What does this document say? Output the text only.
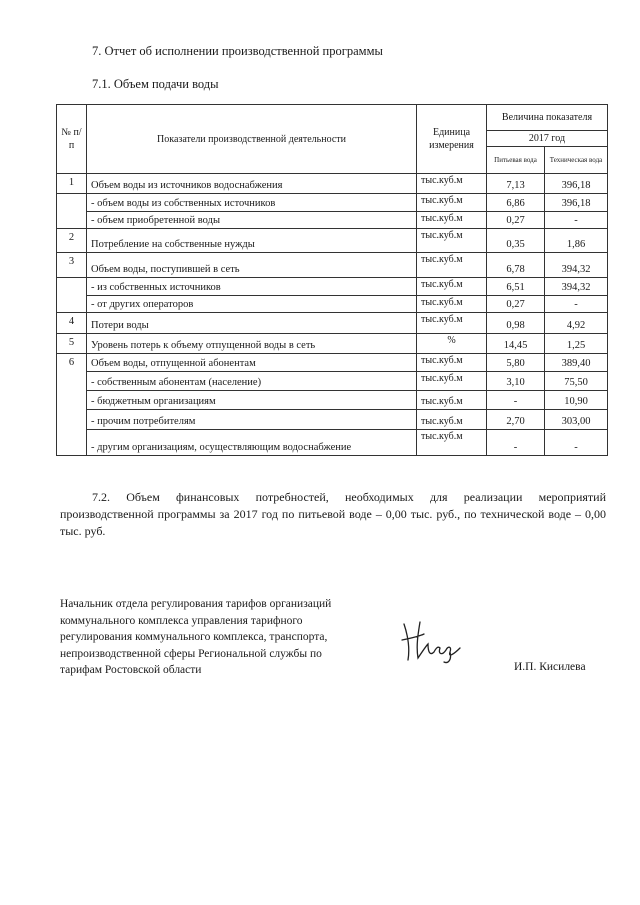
7. Отчет об исполнении производственной программы
7.1. Объем подачи воды
№ п/п	Показатели производственной деятельности	Единица измерения	Величина показателя	
			2017 год	
			Питьевая вода	Техническая вода
1	Объем воды из источников водоснабжения	тыс.куб.м	7,13	396,18
	- объем воды из собственных источников	тыс.куб.м	6,86	396,18
	- объем приобретенной воды	тыс.куб.м	0,27	-
2	Потребление на собственные нужды	тыс.куб.м	0,35	1,86
3	Объем воды, поступившей в сеть	тыс.куб.м	6,78	394,32
	- из собственных источников	тыс.куб.м	6,51	394,32
	- от других операторов	тыс.куб.м	0,27	-
4	Потери воды	тыс.куб.м	0,98	4,92
5	Уровень потерь к объему отпущенной воды в сеть	%	14,45	1,25
6	Объем воды, отпущенной абонентам	тыс.куб.м	5,80	389,40
	- собственным абонентам (население)	тыс.куб.м	3,10	75,50
	- бюджетным организациям	тыс.куб.м	-	10,90
	- прочим потребителям	тыс.куб.м	2,70	303,00
	- другим организациям, осуществляющим водоснабжение	тыс.куб.м	-	-
7.2. Объем финансовых потребностей, необходимых для реализации мероприятий производственной программы за 2017 год по питьевой воде – 0,00 тыс. руб., по технической воде – 0,00 тыс. руб.
Начальник отдела регулирования тарифов организаций
коммунального комплекса управления тарифного
регулирования коммунального комплекса, транспорта,
непроизводственной сферы Региональной службы по
тарифам Ростовской области	И.П. Кисилева
